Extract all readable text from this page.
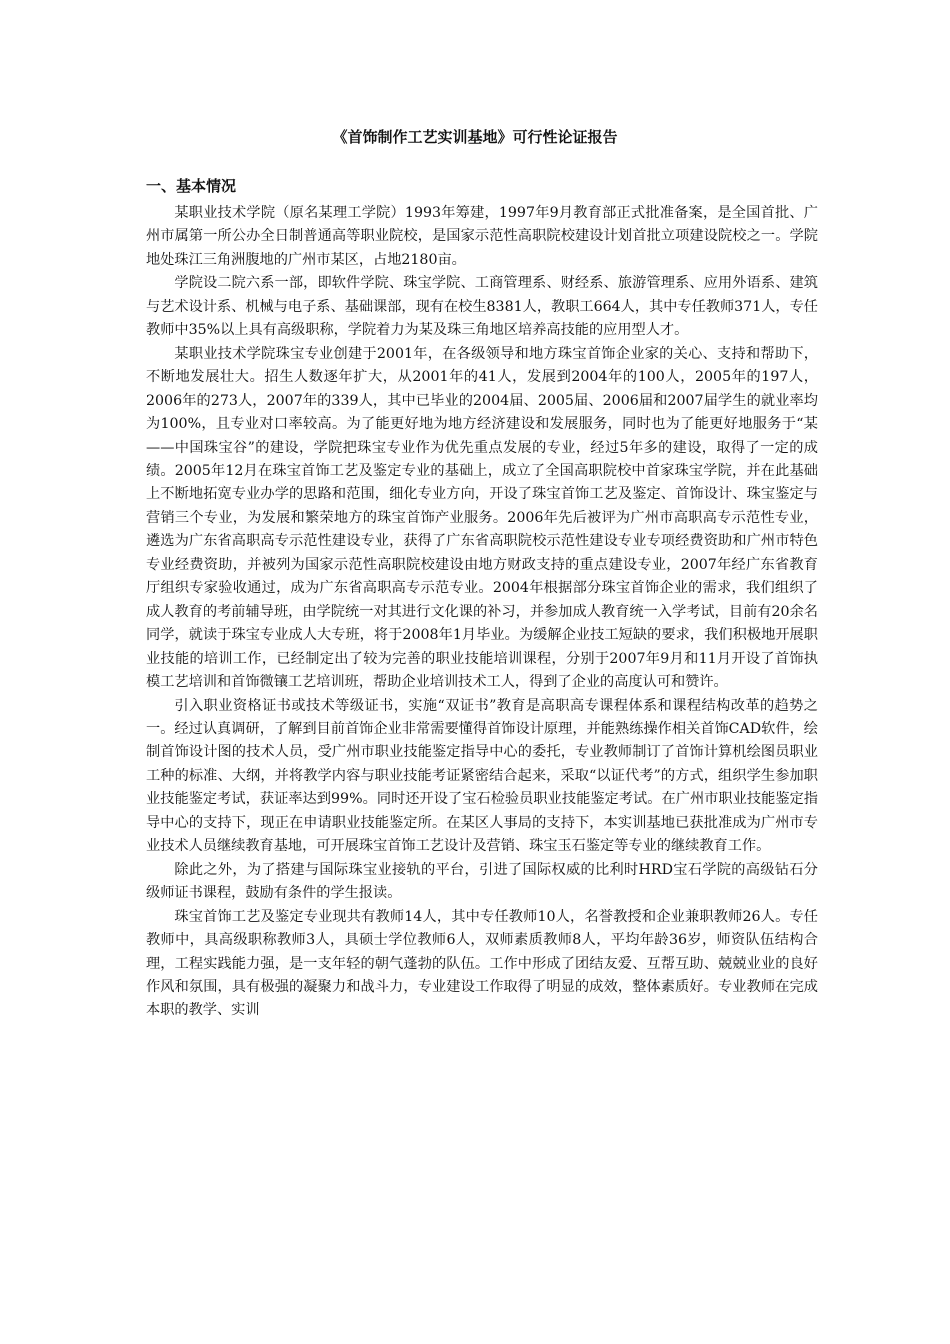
《首饰制作工艺实训基地》可行性论证报告
一、基本情况

某职业技术学院（原名某理工学院）1993年筹建，1997年9月教育部正式批准备案，是全国首批、广州市属第一所公办全日制普通高等职业院校，是国家示范性高职院校建设计划首批立项建设院校之一。学院地处珠江三角洲腹地的广州市某区，占地2180亩。

学院设二院六系一部，即软件学院、珠宝学院、工商管理系、财经系、旅游管理系、应用外语系、建筑与艺术设计系、机械与电子系、基础课部，现有在校生8381人，教职工664人，其中专任教师371人，专任教师中35%以上具有高级职称，学院着力为某及珠三角地区培养高技能的应用型人才。

某职业技术学院珠宝专业创建于2001年，在各级领导和地方珠宝首饰企业家的关心、支持和帮助下，不断地发展壮大。招生人数逐年扩大，从2001年的41人，发展到2004年的100人，2005年的197人，2006年的273人，2007年的339人，其中已毕业的2004届、2005届、2006届和2007届学生的就业率均为100%，且专业对口率较高。为了能更好地为地方经济建设和发展服务，同时也为了能更好地服务于“某——中国珠宝谷”的建设，学院把珠宝专业作为优先重点发展的专业，经过5年多的建设，取得了一定的成绩。2005年12月在珠宝首饰工艺及鉴定专业的基础上，成立了全国高职院校中首家珠宝学院，并在此基础上不断地拓宽专业办学的思路和范围，细化专业方向，开设了珠宝首饰工艺及鉴定、首饰设计、珠宝鉴定与营销三个专业，为发展和繁荣地方的珠宝首饰产业服务。2006年先后被评为广州市高职高专示范性专业，遴选为广东省高职高专示范性建设专业，获得了广东省高职院校示范性建设专业专项经费资助和广州市特色专业经费资助，并被列为国家示范性高职院校建设由地方财政支持的重点建设专业，2007年经广东省教育厅组织专家验收通过，成为广东省高职高专示范专业。2004年根据部分珠宝首饰企业的需求，我们组织了成人教育的考前辅导班，由学院统一对其进行文化课的补习，并参加成人教育统一入学考试，目前有20余名同学，就读于珠宝专业成人大专班，将于2008年1月毕业。为缓解企业技工短缺的要求，我们积极地开展职业技能的培训工作，已经制定出了较为完善的职业技能培训课程，分别于2007年9月和11月开设了首饰执模工艺培训和首饰微镶工艺培训班，帮助企业培训技术工人，得到了企业的高度认可和赞许。

引入职业资格证书或技术等级证书，实施“双证书”教育是高职高专课程体系和课程结构改革的趋势之一。经过认真调研，了解到目前首饰企业非常需要懂得首饰设计原理，并能熟练操作相关首饰CAD软件，绘制首饰设计图的技术人员，受广州市职业技能鉴定指导中心的委托，专业教师制订了首饰计算机绘图员职业工种的标准、大纲，并将教学内容与职业技能考证紧密结合起来，采取“以证代考”的方式，组织学生参加职业技能鉴定考试，获证率达到99%。同时还开设了宝石检验员职业技能鉴定考试。在广州市职业技能鉴定指导中心的支持下，现正在申请职业技能鉴定所。在某区人事局的支持下，本实训基地已获批准成为广州市专业技术人员继续教育基地，可开展珠宝首饰工艺设计及营销、珠宝玉石鉴定等专业的继续教育工作。

除此之外，为了搭建与国际珠宝业接轨的平台，引进了国际权威的比利时HRD宝石学院的高级钻石分级师证书课程，鼓励有条件的学生报读。

珠宝首饰工艺及鉴定专业现共有教师14人，其中专任教师10人，名誉教授和企业兼职教师26人。专任教师中，具高级职称教师3人，具硕士学位教师6人，双师素质教师8人，平均年龄36岁，师资队伍结构合理，工程实践能力强，是一支年轻的朝气蓬勃的队伍。工作中形成了团结友爱、互帮互助、兢兢业业的良好作风和氛围，具有极强的凝聚力和战斗力，专业建设工作取得了明显的成效，整体素质好。专业教师在完成本职的教学、实训
